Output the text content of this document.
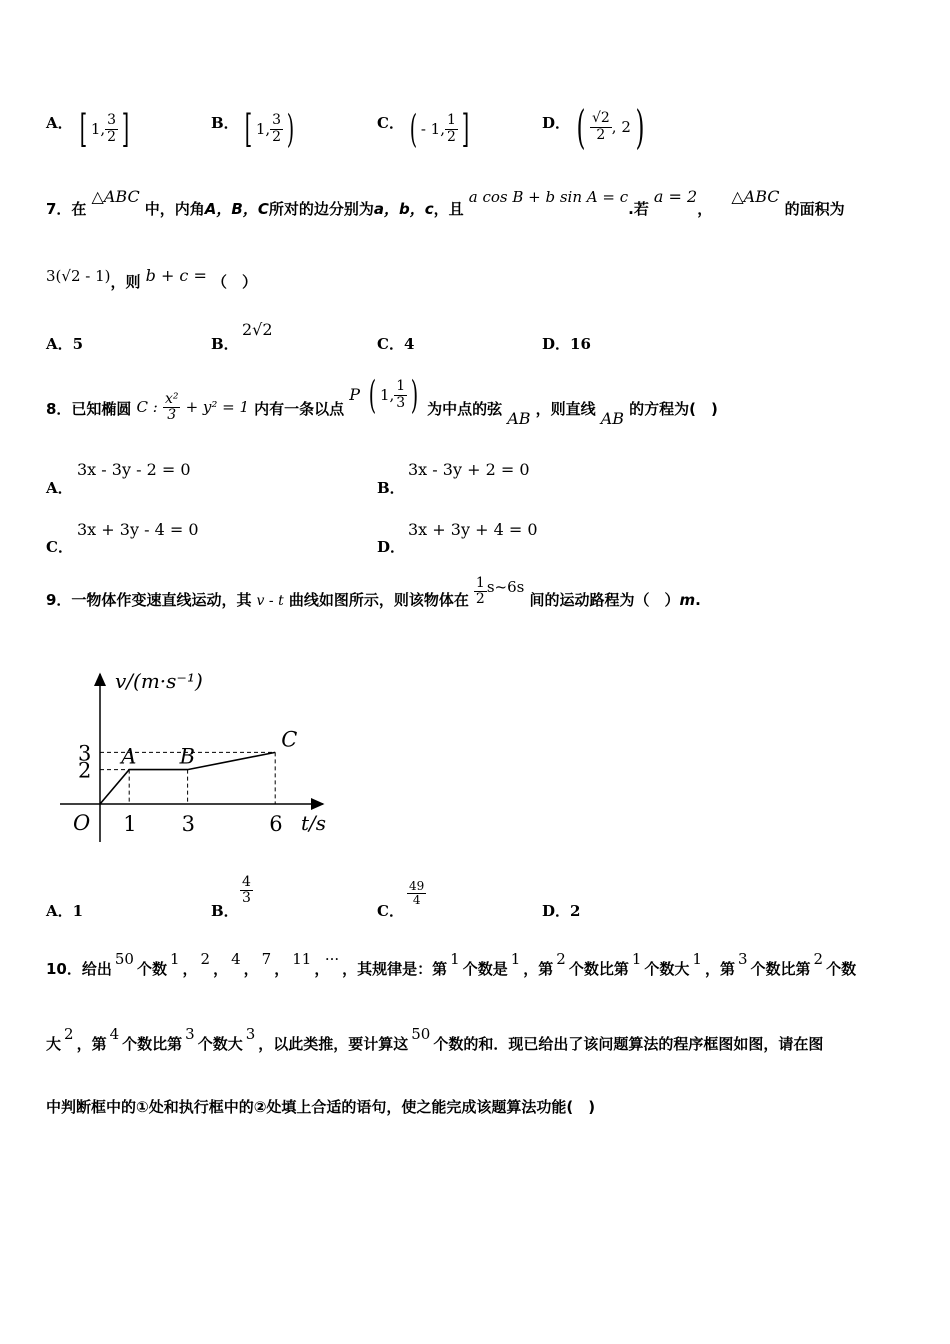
A． [ 1, $\frac{3}{2}$ ]	B． [ 1, $\frac{3}{2}$ )	C． ( - 1, $\frac{1}{2}$ ]	D． ( $\frac{√2}{2}$ , 2 )
7．在 △ABC 中，内角A，B，C所对的边分别为a，b，c，且 a cos B + b sin A = c.若 a = 2， △ABC 的面积为
3(√2 - 1)，则 b + c = （　）
A．5	B．
2√2
C．4	D．16
8．已知椭圆 C : $\frac{\text{x²}}{3} + y^2 = 1$ 内有一条以点 P ( 1, $\frac{1}{3}$ ) 为中点的弦 AB ，则直线 AB 的方程为(　)
A．
3x - 3y - 2 = 0
B．
3x - 3y + 2 = 0
C．
3x + 3y - 4 = 0
D．
3x + 3y + 4 = 0
9．一物体作变速直线运动，其 v - t 曲线如图所示，则该物体在 $\frac{1}{2}$ s~6s 间的运动路程为（　）m.
A B
C
1 3	6
2
3
v/(m·s⁻¹)
t/s
O
A．1	B．
$\frac{4}{3}$
C．
$\frac{49}{4}$
D．2
10．给出50个数1，2，4，7，11，···，其规律是：第1个数是1，第2个数比第1个数大1，第3个数比第2个数
大2，第4个数比第3个数大3，以此类推，要计算这50个数的和．现已给出了该问题算法的程序框图如图，请在图
中判断框中的①处和执行框中的②处填上合适的语句，使之能完成该题算法功能(　)
